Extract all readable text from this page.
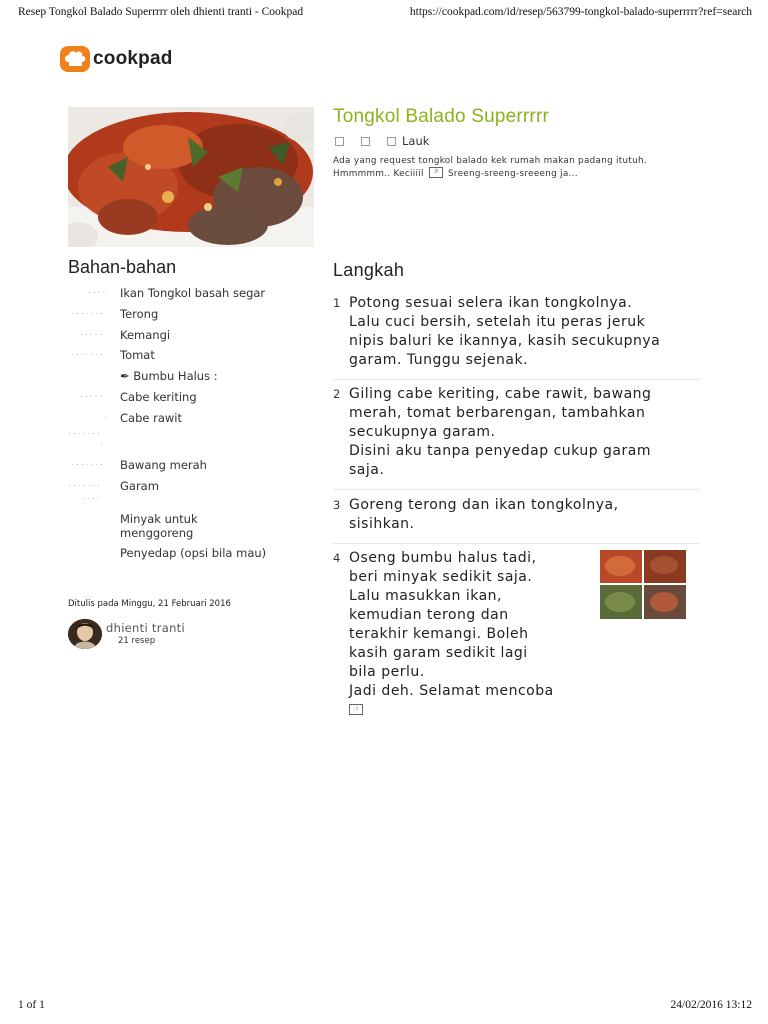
Resep Tongkol Balado Superrrrr oleh dhienti tranti - Cookpad	https://cookpad.com/id/resep/563799-tongkol-balado-superrrrr?ref=search
1 of 1	24/02/2016 13:12
cookpad
Tongkol Balado Superrrrr
Lauk
Ada yang request tongkol balado kek rumah makan padang itutuh. Hmmmmm.. Keciiiil :P Sreeng-sreeng-sreeeng ja...
Bahan-bahan
.... Ikan Tongkol basah segar
....... Terong
..... Kemangi
....... Tomat
✒ Bumbu Halus :
..... Cabe keriting
. Cabe rawit
.......
.
....... Bawang merah
....... Garam
....
Minyak untuk
menggoreng
Penyedap (opsi bila mau)
Ditulis pada Minggu, 21 Februari 2016
dhienti tranti
21 resep
Langkah
1 Potong sesuai selera ikan tongkolnya.
Lalu cuci bersih, setelah itu peras jeruk
nipis baluri ke ikannya, kasih secukupnya
garam. Tunggu sejenak.
2 Giling cabe keriting, cabe rawit, bawang
merah, tomat berbarengan, tambahkan
secukupnya garam.
Disini aku tanpa penyedap cukup garam
saja.
3 Goreng terong dan ikan tongkolnya,
sisihkan.
4 Oseng bumbu halus tadi,
beri minyak sedikit saja.
Lalu masukkan ikan,
kemudian terong dan
terakhir kemangi. Boleh
kasih garam sedikit lagi
bila perlu.
Jadi deh. Selamat mencoba
:)
